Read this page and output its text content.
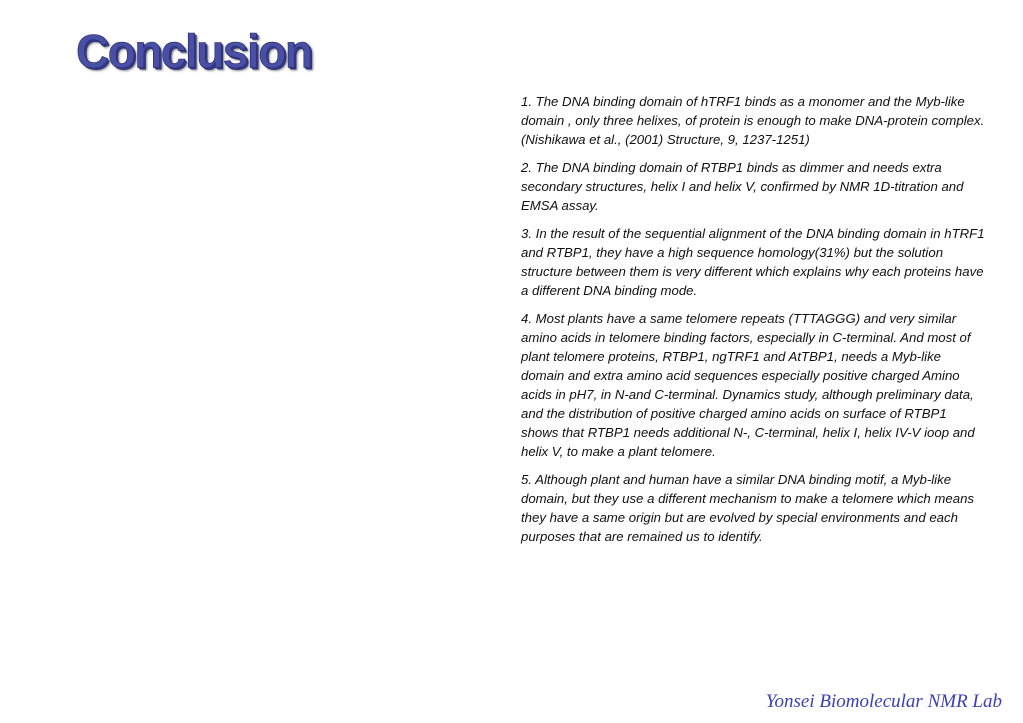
Conclusion

1. The DNA binding domain of hTRF1 binds as a monomer and the Myb-like domain , only three helixes, of protein is enough to make DNA-protein complex. (Nishikawa et al., (2001) Structure, 9, 1237-1251)

2. The DNA binding domain of RTBP1 binds as dimmer and needs extra secondary structures, helix I and helix V, confirmed by NMR 1D-titration and EMSA assay.

3. In the result of the sequential alignment of the DNA binding domain in hTRF1 and RTBP1, they have a high sequence homology(31%) but the solution structure between them is very different which explains why each proteins have a different DNA binding mode.

4. Most plants have a same telomere repeats (TTTAGGG) and very similar amino acids in telomere binding factors, especially in C-terminal. And most of plant telomere proteins, RTBP1, ngTRF1 and AtTBP1, needs a Myb-like domain and extra amino acid sequences especially positive charged Amino acids in pH7, in N-and C-terminal. Dynamics study, although preliminary data, and the distribution of positive charged amino acids on surface of RTBP1 shows that RTBP1 needs additional N-, C-terminal, helix I, helix IV-V ioop and helix V, to make a plant telomere.

5. Although plant and human have a similar DNA binding motif, a Myb-like domain, but they use a different mechanism to make a telomere which means they have a same origin but are evolved by special environments and each purposes that are remained us to identify.

Yonsei Biomolecular NMR Lab
